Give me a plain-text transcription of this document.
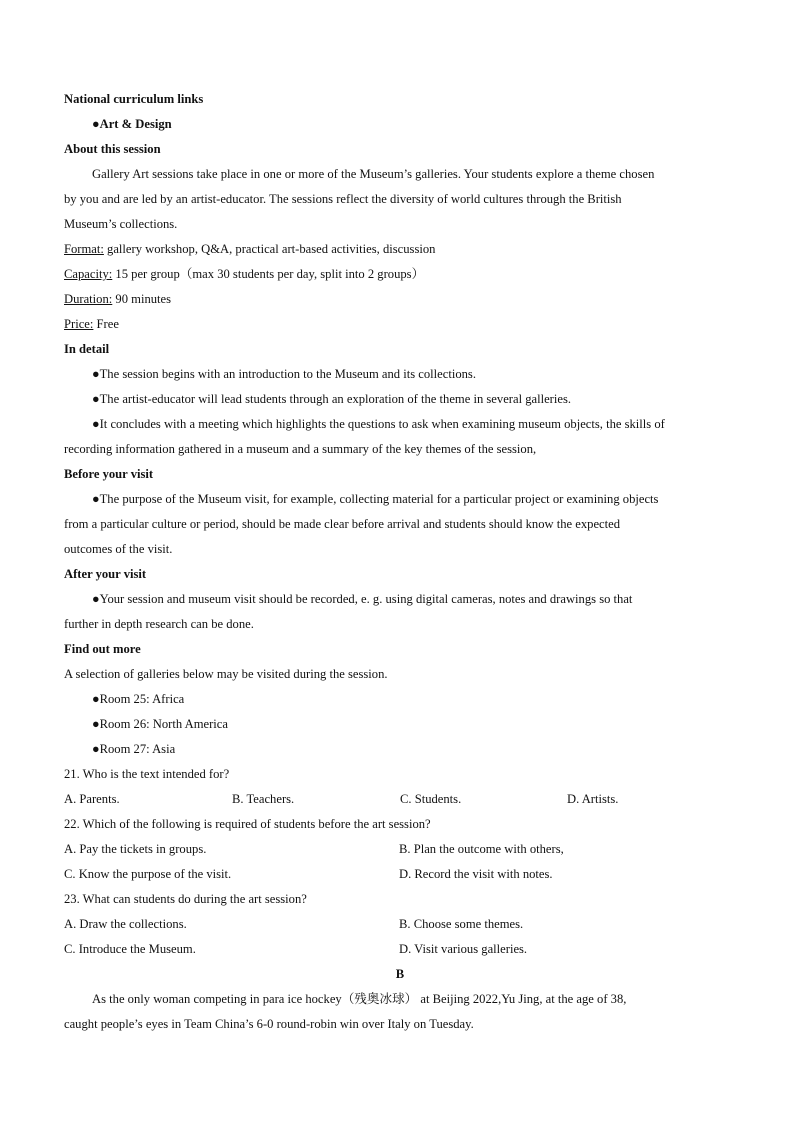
National curriculum links
●Art & Design
About this session
Gallery Art sessions take place in one or more of the Museum’s galleries. Your students explore a theme chosen
by you and are led by an artist-educator. The sessions reflect the diversity of world cultures through the British
Museum’s collections.
Format: gallery workshop, Q&A, practical art-based activities, discussion
Capacity: 15 per group（max 30 students per day, split into 2 groups）
Duration: 90 minutes
Price: Free
In detail
●The session begins with an introduction to the Museum and its collections.
●The artist-educator will lead students through an exploration of the theme in several galleries.
●It concludes with a meeting which highlights the questions to ask when examining museum objects, the skills of
recording information gathered in a museum and a summary of the key themes of the session,
Before your visit
●The purpose of the Museum visit, for example, collecting material for a particular project or examining objects
from a particular culture or period, should be made clear before arrival and students should know the expected
outcomes of the visit.
After your visit
●Your session and museum visit should be recorded, e. g. using digital cameras, notes and drawings so that
further in depth research can be done.
Find out more
A selection of galleries below may be visited during the session.
●Room 25: Africa
●Room 26: North America
●Room 27: Asia
21. Who is the text intended for?
A. Parents.	B. Teachers.	C. Students.	D. Artists.
22. Which of the following is required of students before the art session?
A. Pay the tickets in groups.	B. Plan the outcome with others,
C. Know the purpose of the visit.	D. Record the visit with notes.
23. What can students do during the art session?
A. Draw the collections.	B. Choose some themes.
C. Introduce the Museum.	D. Visit various galleries.
B
As the only woman competing in para ice hockey（残奥冰球） at Beijing 2022,Yu Jing, at the age of 38,
caught people’s eyes in Team China’s 6-0 round-robin win over Italy on Tuesday.
